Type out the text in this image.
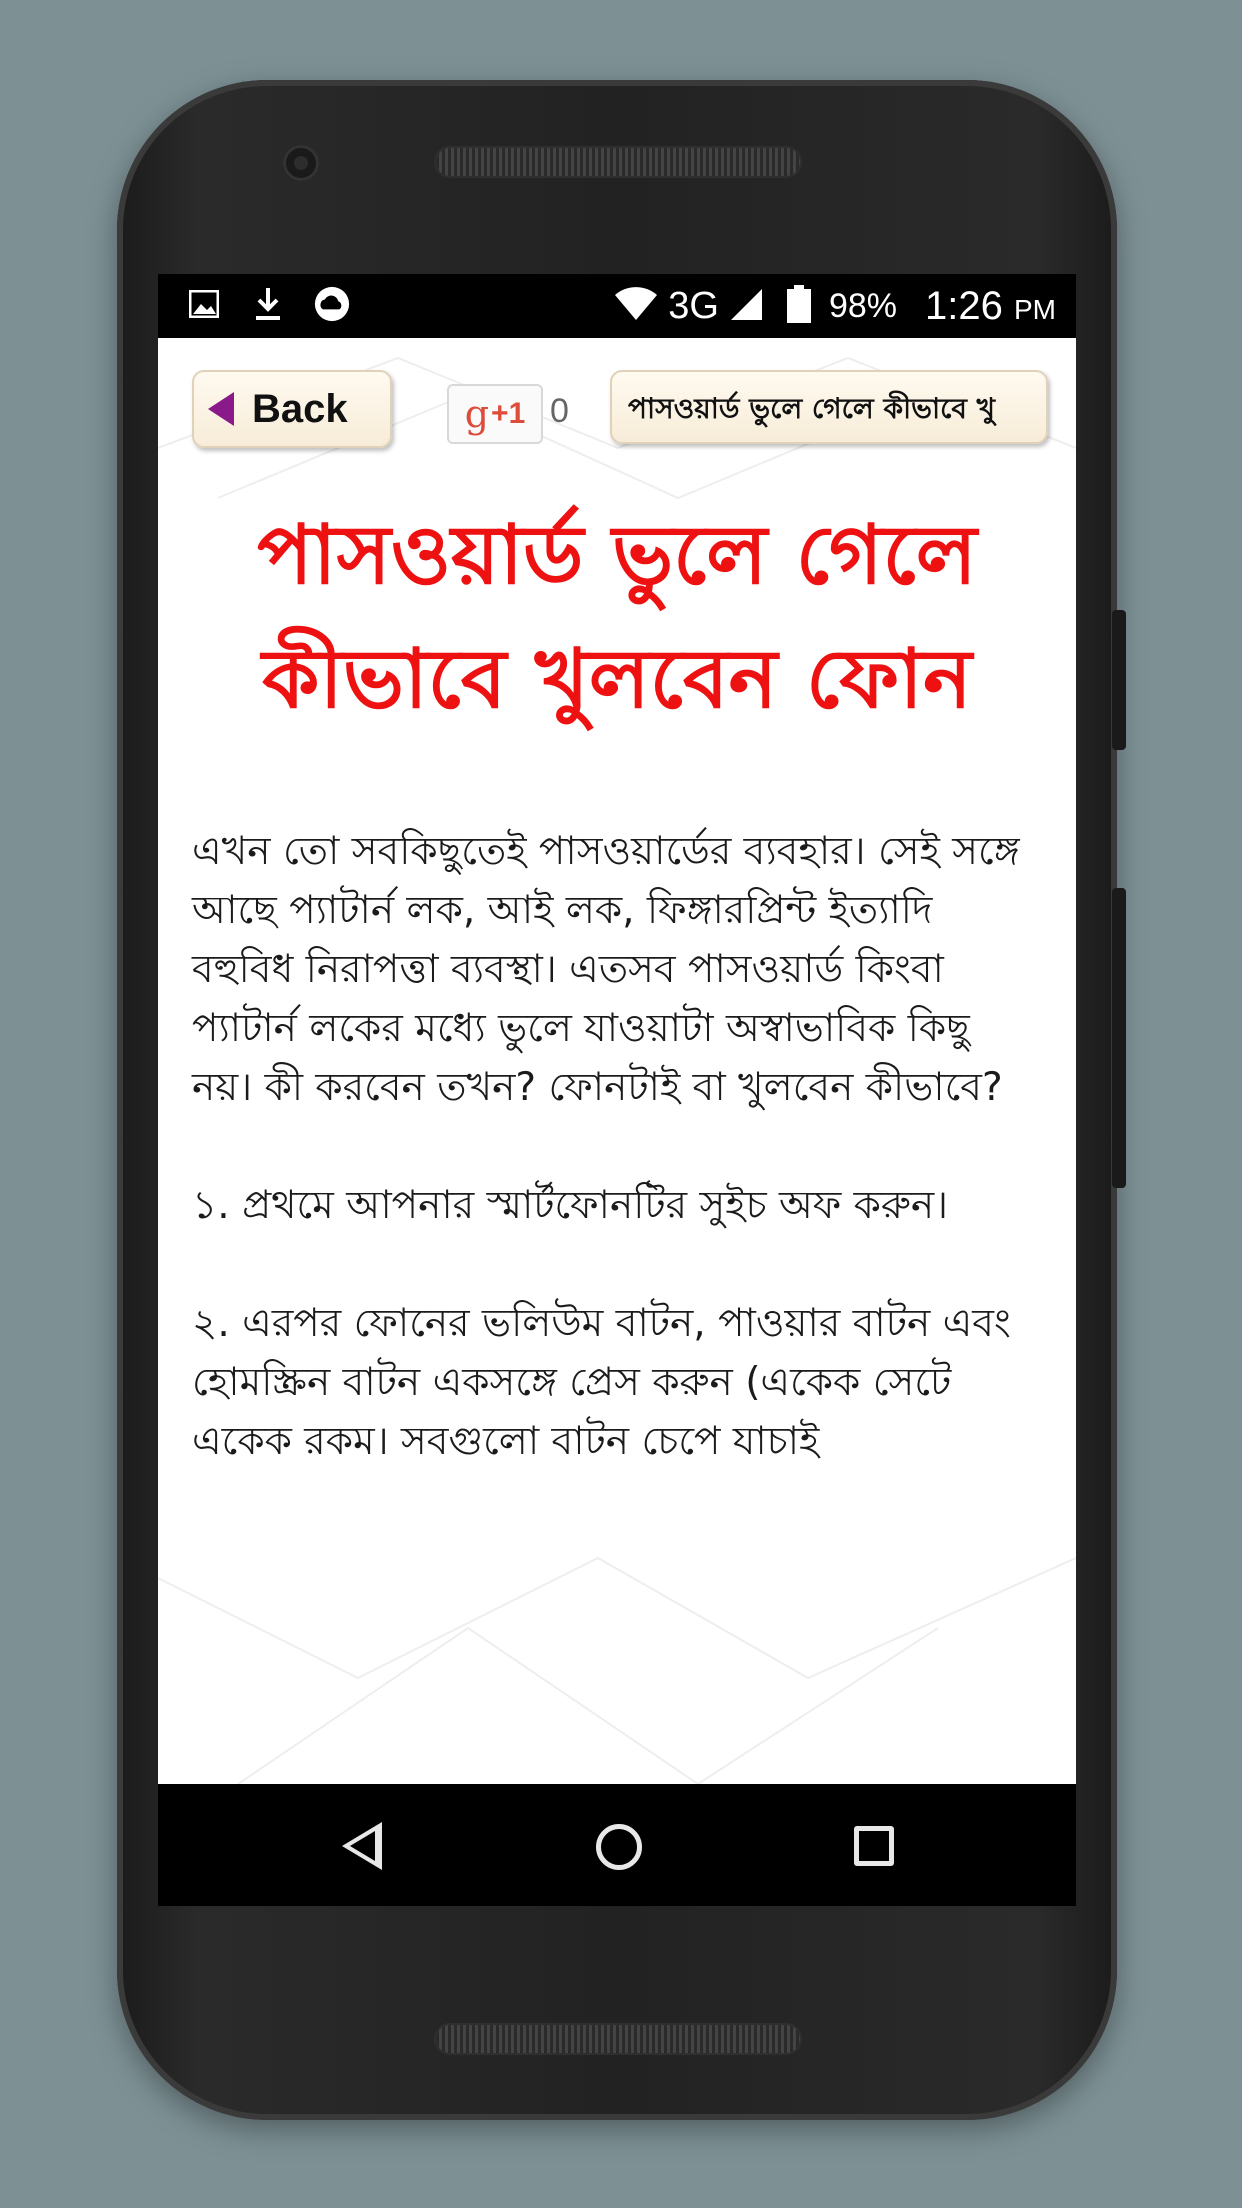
3G	98% 1:26 PM
Back	g +1 0	পাসওয়ার্ড ভুলে গেলে কীভাবে খু
পাসওয়ার্ড ভুলে গেলে কীভাবে খুলবেন ফোন

এখন তো সবকিছুতেই পাসওয়ার্ডের ব্যবহার। সেই সঙ্গে আছে প্যাটার্ন লক, আই লক, ফিঙ্গারপ্রিন্ট ইত্যাদি বহুবিধ নিরাপত্তা ব্যবস্থা। এতসব পাসওয়ার্ড কিংবা প্যাটার্ন লকের মধ্যে ভুলে যাওয়াটা অস্বাভাবিক কিছু নয়। কী করবেন তখন? ফোনটাই বা খুলবেন কীভাবে?

১. প্রথমে আপনার স্মার্টফোনটির সুইচ অফ করুন।

২. এরপর ফোনের ভলিউম বাটন, পাওয়ার বাটন এবং হোমস্ক্রিন বাটন একসঙ্গে প্রেস করুন (একেক সেটে একেক রকম। সবগুলো বাটন চেপে যাচাই
